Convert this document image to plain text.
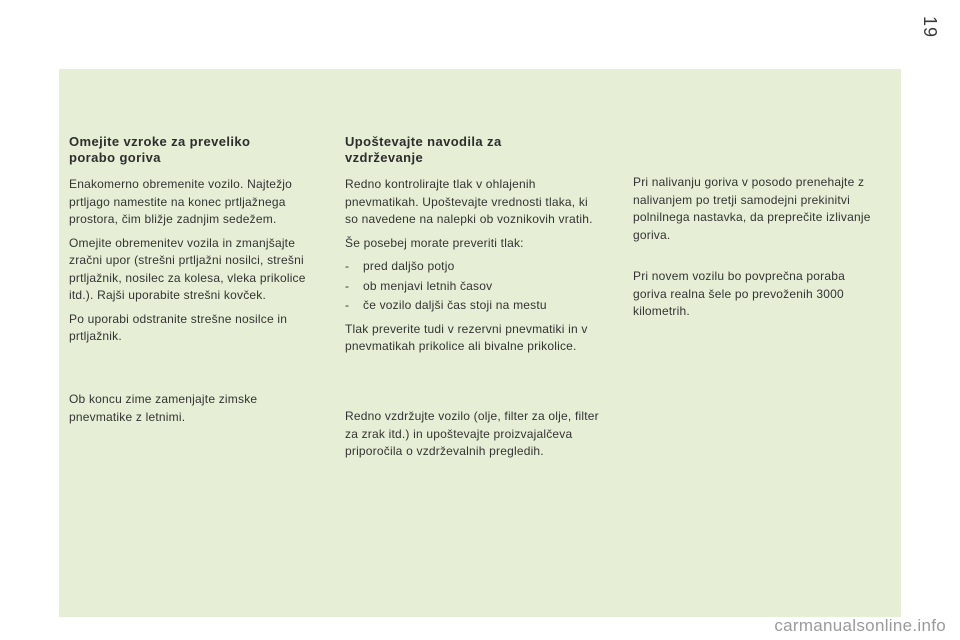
19
Omejite vzroke za preveliko porabo goriva

Enakomerno obremenite vozilo. Najtežjo prtljago namestite na konec prtljažnega prostora, čim bližje zadnjim sedežem.

Omejite obremenitev vozila in zmanjšajte zračni upor (strešni prtljažni nosilci, strešni prtljažnik, nosilec za kolesa, vleka prikolice itd.). Rajši uporabite strešni kovček.

Po uporabi odstranite strešne nosilce in prtljažnik.

Ob koncu zime zamenjajte zimske pnevmatike z letnimi.

Upoštevajte navodila za vzdrževanje

Redno kontrolirajte tlak v ohlajenih pnevmatikah. Upoštevajte vrednosti tlaka, ki so navedene na nalepki ob voznikovih vratih.

Še posebej morate preveriti tlak:

- pred daljšo potjo
- ob menjavi letnih časov
- če vozilo daljši čas stoji na mestu

Tlak preverite tudi v rezervni pnevmatiki in v pnevmatikah prikolice ali bivalne prikolice.

Redno vzdržujte vozilo (olje, filter za olje, filter za zrak itd.) in upoštevajte proizvajalčeva priporočila o vzdrževalnih pregledih.

Pri nalivanju goriva v posodo prenehajte z nalivanjem po tretji samodejni prekinitvi polnilnega nastavka, da preprečite izlivanje goriva.

Pri novem vozilu bo povprečna poraba goriva realna šele po prevoženih 3000 kilometrih.

carmanualsonline.info
